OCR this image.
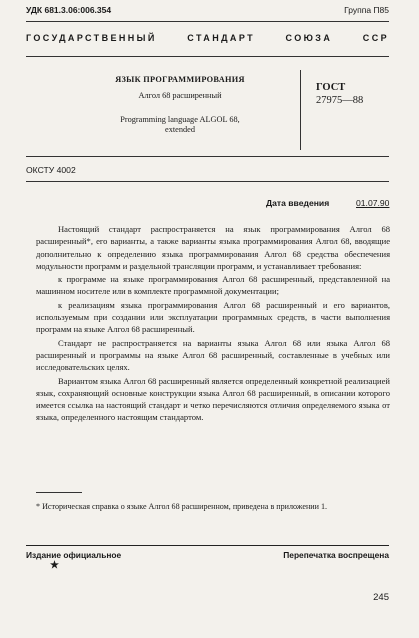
УДК 681.3.06:006.354	Группа П85
ГОСУДАРСТВЕННЫЙ СТАНДАРТ СОЮЗА ССР
ЯЗЫК ПРОГРАММИРОВАНИЯ
Алгол 68 расширенный
Programming language ALGOL 68,
extended
ГОСТ
27975—88
ОКСТУ 4002
Дата введения	01.07.90

Настоящий стандарт распространяется на язык программирования Алгол 68 расширенный*, его варианты, а также варианты языка программирования Алгол 68, вводящие дополнительно к определению языка программирования Алгол 68 средства обеспечения модульности программ и раздельной трансляции программ, и устанавливает требования:

к программе на языке программирования Алгол 68 расширенный, представленной на машинном носителе или в комплекте программной документации;

к реализациям языка программирования Алгол 68 расширенный и его вариантов, используемым при создании или эксплуатации программных средств, в части выполнения программ на языке Алгол 68 расширенный.

Стандарт не распространяется на варианты языка Алгол 68 или языка Алгол 68 расширенный и программы на языке Алгол 68 расширенный, составленные в учебных или исследовательских целях.

Вариантом языка Алгол 68 расширенный является определенный конкретной реализацией язык, сохраняющий основные конструкции языка Алгол 68 расширенный, в описании которого имеется ссылка на настоящий стандарт и четко перечисляются отличия определяемого языка от языка, определенного настоящим стандартом.

* Историческая справка о языке Алгол 68 расширенном, приведена в приложении 1.
Издание официальное
★
Перепечатка воспрещена
245
